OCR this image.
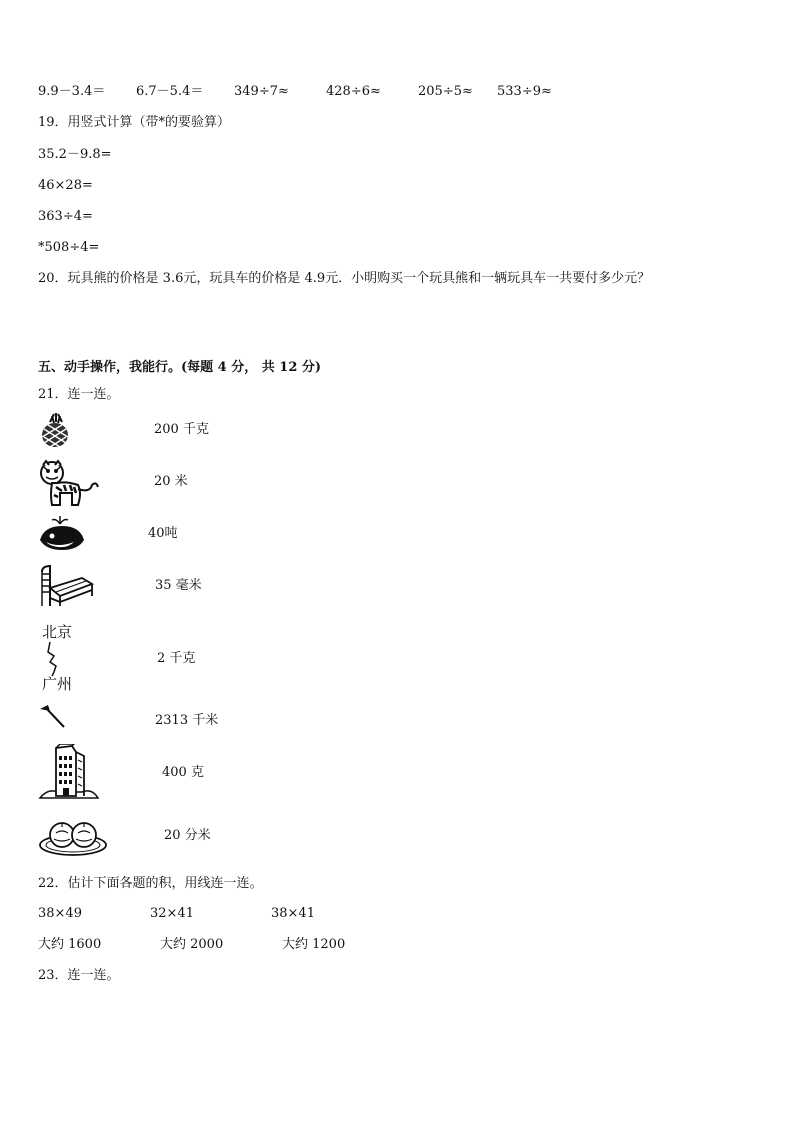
9.9－3.4＝ 6.7－5.4＝ 349÷7≈	428÷6≈	205÷5≈ 533÷9≈
19．用竖式计算（带*的要验算）
35.2－9.8=
46×28=
363÷4=
*508÷4=
20．玩具熊的价格是 3.6元，玩具车的价格是 4.9元．小明购买一个玩具熊和一辆玩具车一共要付多少元？
五、动手操作，我能行。(每题 4 分， 共 12 分)
21．连一连。
200 千克
20 米
40吨
35 毫米
北京
广州
2 千克
2313 千米
400 克
20 分米
22．估计下面各题的积，用线连一连。
38×49	32×41	38×41
大约 1600	大约 2000	大约 1200
23．连一连。
